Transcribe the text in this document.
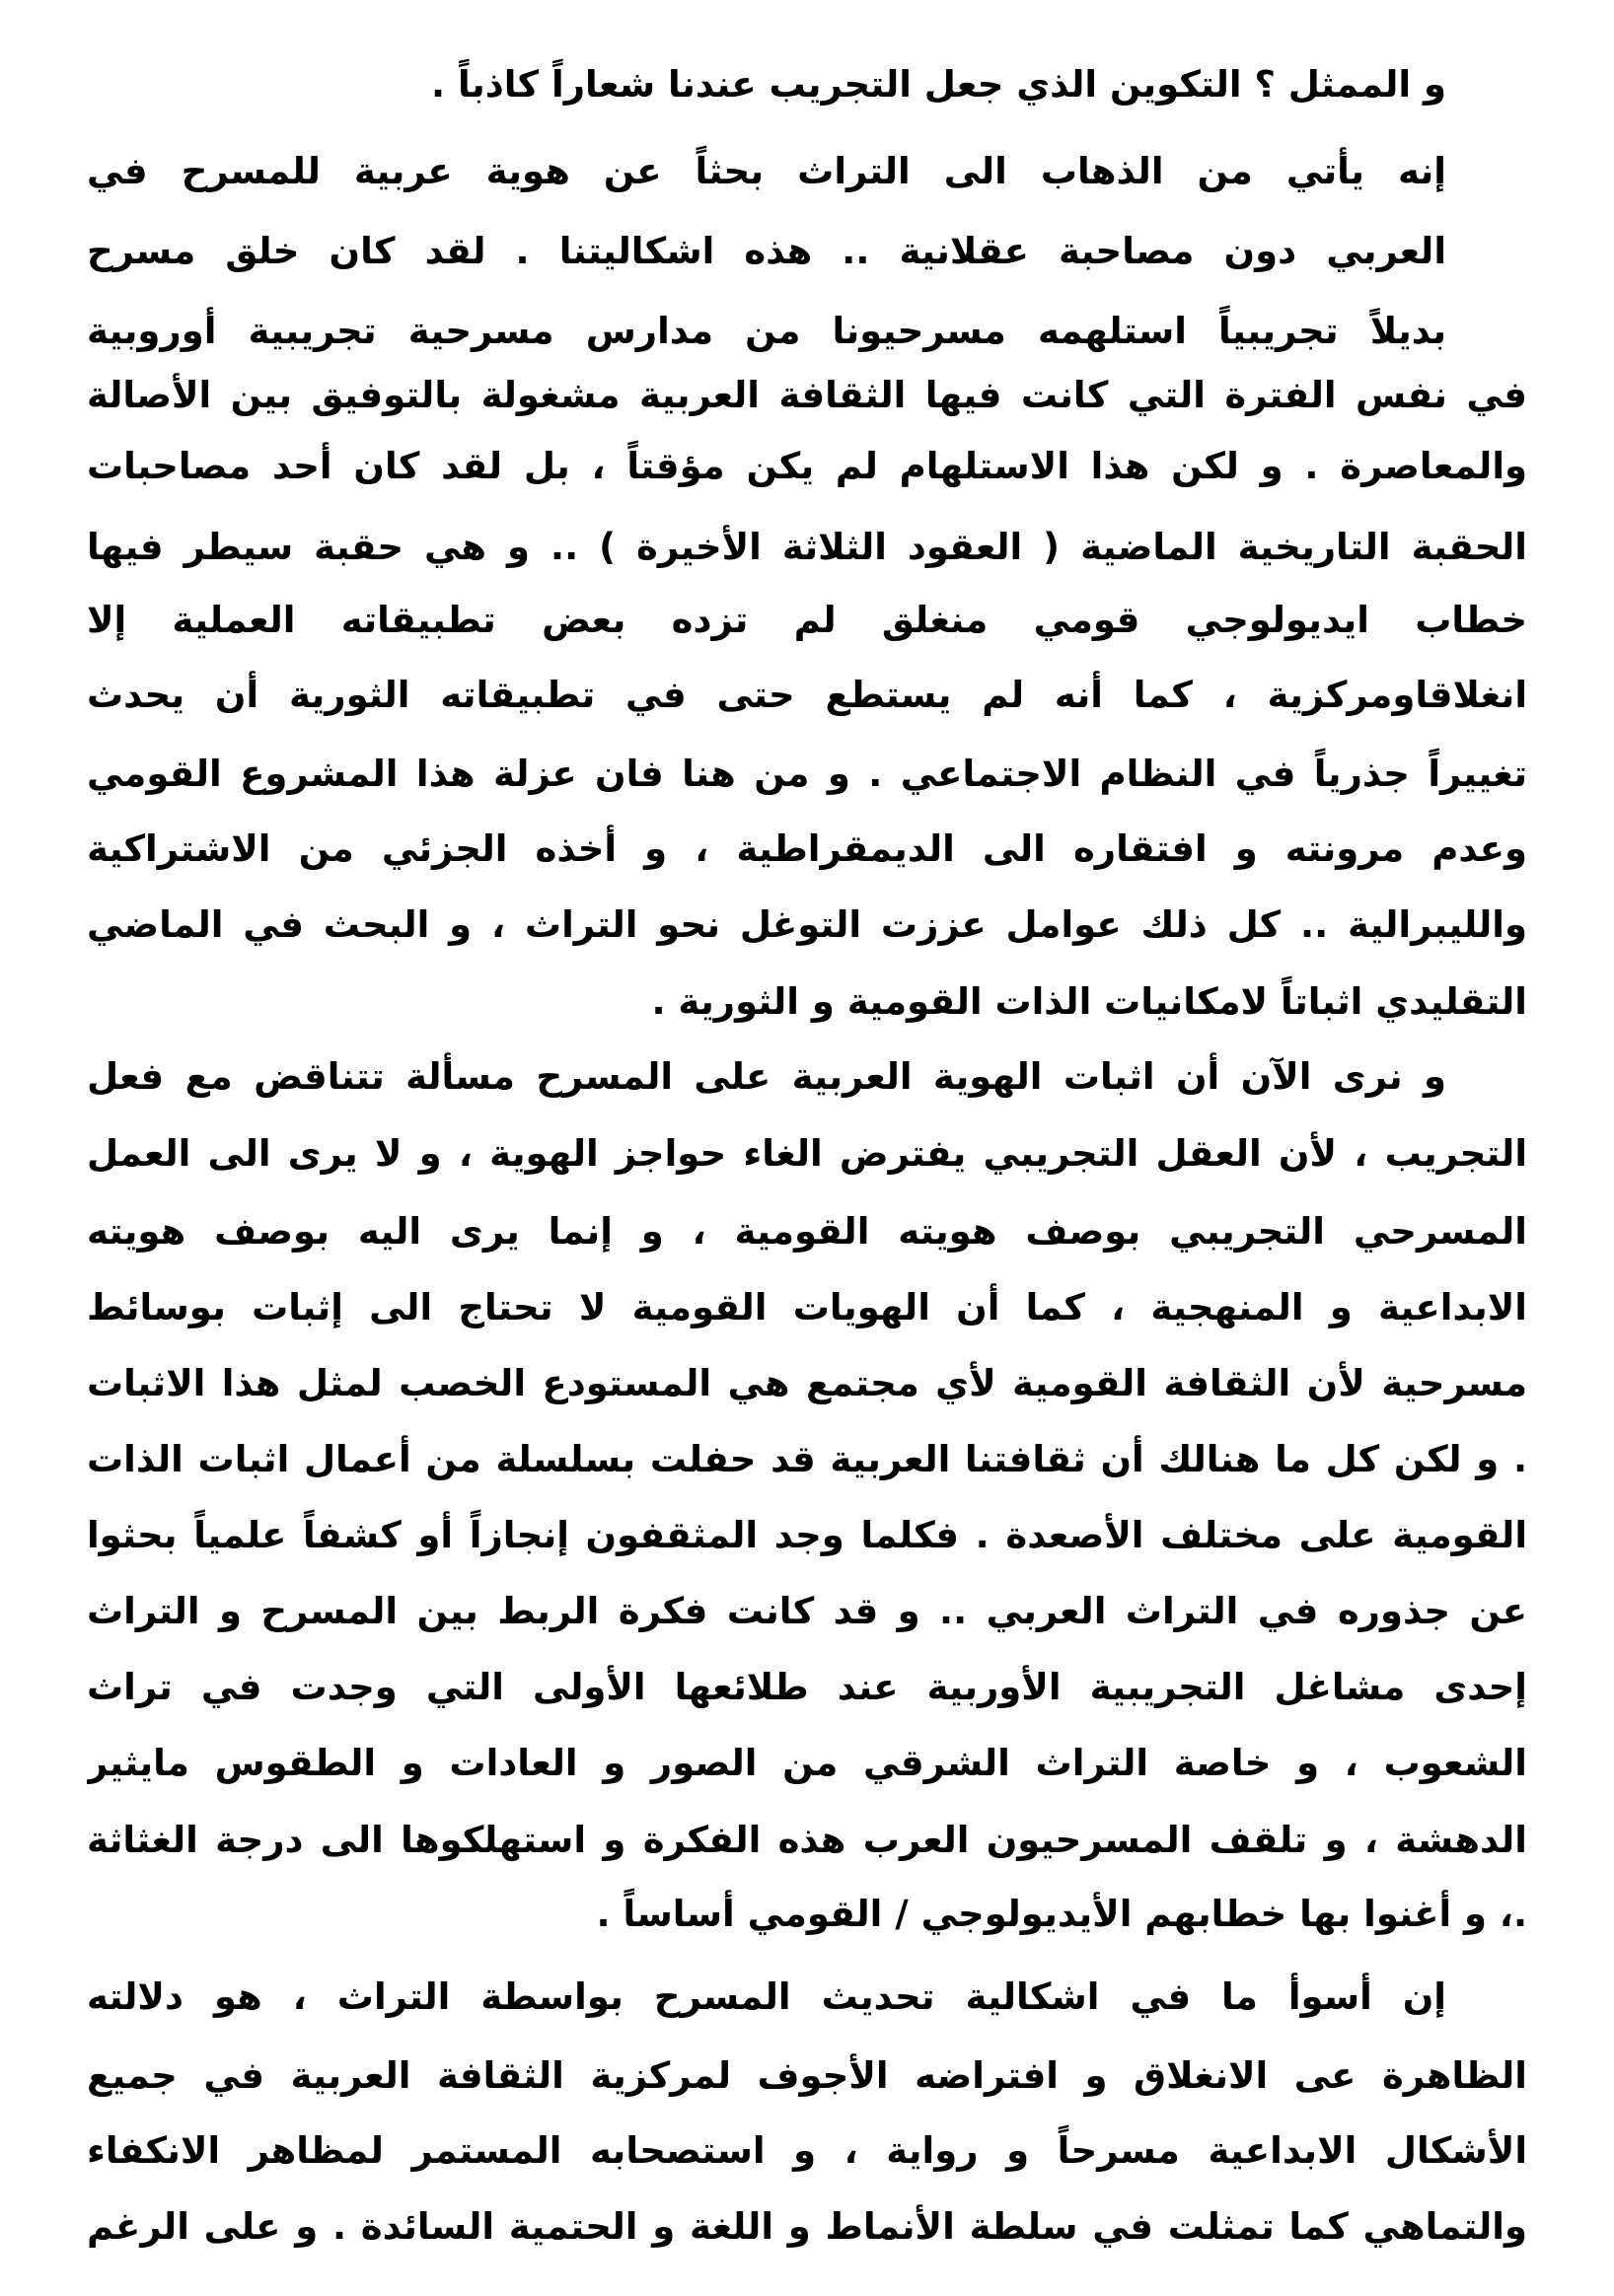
و الممثل ؟ التكوين الذي جعل التجريب عندنا شعاراً كاذباً .
إنه يأتي من الذهاب الى التراث بحثاً عن هوية عربية للمسرح في
العربي دون مصاحبة عقلانية .. هذه اشكاليتنا . لقد كان خلق مسرح
بديلاً تجريبياً استلهمه مسرحيونا من مدارس مسرحية تجريبية أوروبية
في نفس الفترة التي كانت فيها الثقافة العربية مشغولة بالتوفيق بين الأصالة
والمعاصرة . و لكن هذا الاستلهام لم يكن مؤقتاً ، بل لقد كان أحد مصاحبات
الحقبة التاريخية الماضية ( العقود الثلاثة الأخيرة ) .. و هي حقبة سيطر فيها
خطاب ايديولوجي قومي منغلق لم تزده بعض تطبيقاته العملية إلا
انغلاقاومركزية ، كما أنه لم يستطع حتى في تطبيقاته الثورية أن يحدث
تغييراً جذرياً في النظام الاجتماعي . و من هنا فان عزلة هذا المشروع القومي
وعدم مرونته و افتقاره الى الديمقراطية ، و أخذه الجزئي من الاشتراكية
والليبرالية .. كل ذلك عوامل عززت التوغل نحو التراث ، و البحث في الماضي
التقليدي اثباتاً لامكانيات الذات القومية و الثورية .
و نرى الآن أن اثبات الهوية العربية على المسرح مسألة تتناقض مع فعل
التجريب ، لأن العقل التجريبي يفترض الغاء حواجز الهوية ، و لا يرى الى العمل
المسرحي التجريبي بوصف هويته القومية ، و إنما يرى اليه بوصف هويته
الابداعية و المنهجية ، كما أن الهويات القومية لا تحتاج الى إثبات بوسائط
مسرحية لأن الثقافة القومية لأي مجتمع هي المستودع الخصب لمثل هذا الاثبات
. و لكن كل ما هنالك أن ثقافتنا العربية قد حفلت بسلسلة من أعمال اثبات الذات
القومية على مختلف الأصعدة . فكلما وجد المثقفون إنجازاً أو كشفاً علمياً بحثوا
عن جذوره في التراث العربي .. و قد كانت فكرة الربط بين المسرح و التراث
إحدى مشاغل التجريبية الأوربية عند طلائعها الأولى التي وجدت في تراث
الشعوب ، و خاصة التراث الشرقي من الصور و العادات و الطقوس مايثير
الدهشة ، و تلقف المسرحيون العرب هذه الفكرة و استهلكوها الى درجة الغثاثة
.، و أغنوا بها خطابهم الأيديولوجي / القومي أساساً .
إن أسوأ ما في اشكالية تحديث المسرح بواسطة التراث ، هو دلالته
الظاهرة عى الانغلاق و افتراضه الأجوف لمركزية الثقافة العربية في جميع
الأشكال الابداعية مسرحاً و رواية ، و استصحابه المستمر لمظاهر الانكفاء
والتماهي كما تمثلت في سلطة الأنماط و اللغة و الحتمية السائدة . و على الرغم
